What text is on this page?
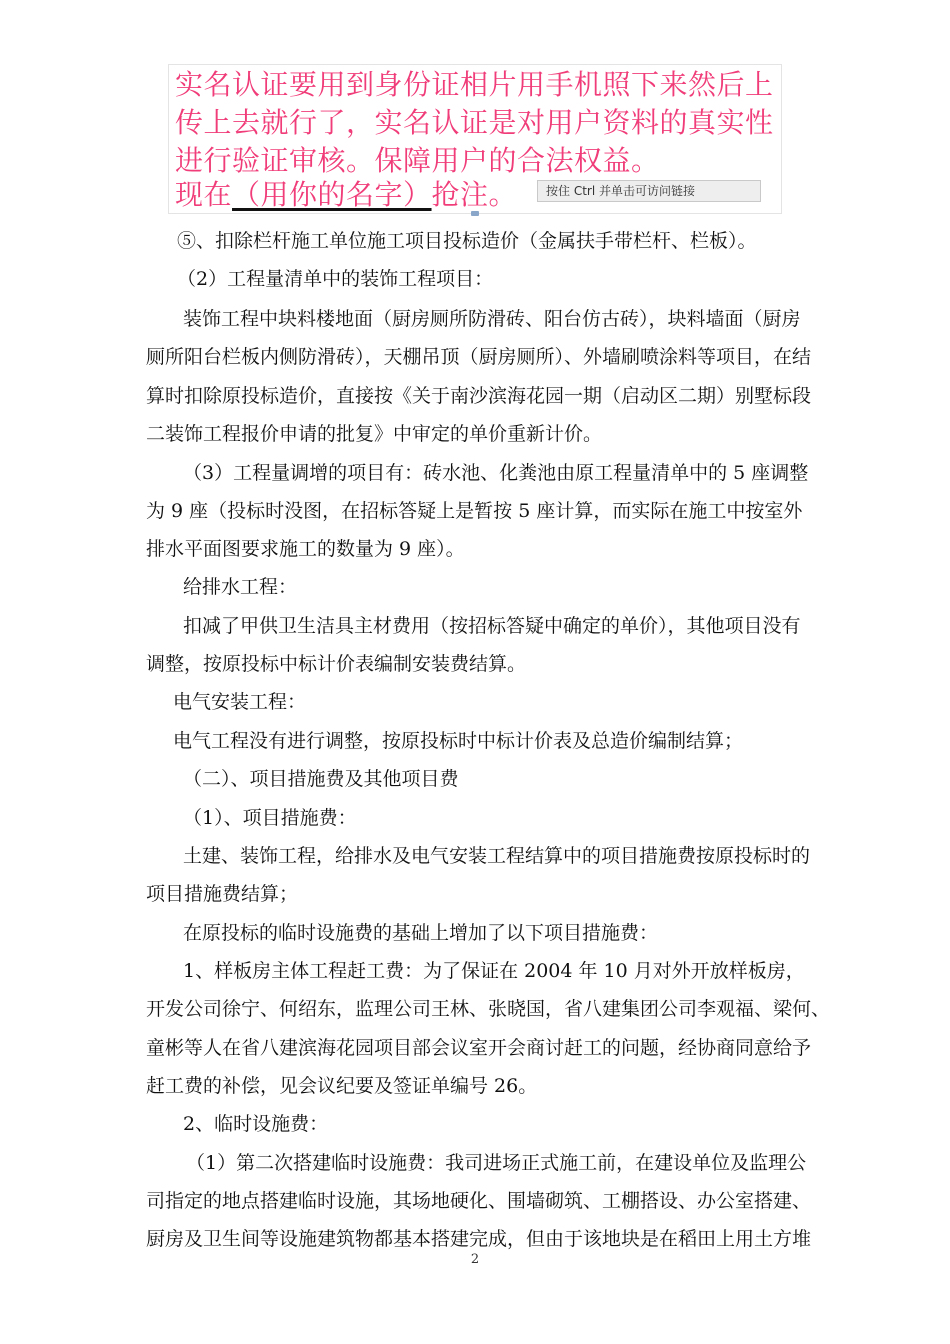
实名认证要用到身份证相片用手机照下来然后上
传上去就行了，实名认证是对用户资料的真实性
进行验证审核。保障用户的合法权益。
现在（用你的名字）抢注。	按住 Ctrl 并单击可访问链接
⑤、扣除栏杆施工单位施工项目投标造价（金属扶手带栏杆、栏板）。
（2）工程量清单中的装饰工程项目：
装饰工程中块料楼地面（厨房厕所防滑砖、阳台仿古砖），块料墙面（厨房
厕所阳台栏板内侧防滑砖），天棚吊顶（厨房厕所）、外墙刷喷涂料等项目，在结
算时扣除原投标造价，直接按《关于南沙滨海花园一期（启动区二期）别墅标段
二装饰工程报价申请的批复》中审定的单价重新计价。
（3）工程量调增的项目有：砖水池、化粪池由原工程量清单中的 5 座调整
为 9 座（投标时没图，在招标答疑上是暂按 5 座计算，而实际在施工中按室外
排水平面图要求施工的数量为 9 座）。
给排水工程：
扣减了甲供卫生洁具主材费用（按招标答疑中确定的单价），其他项目没有
调整，按原投标中标计价表编制安装费结算。
电气安装工程：
电气工程没有进行调整，按原投标时中标计价表及总造价编制结算；
（二）、项目措施费及其他项目费
（1）、项目措施费：
土建、装饰工程，给排水及电气安装工程结算中的项目措施费按原投标时的
项目措施费结算；
在原投标的临时设施费的基础上增加了以下项目措施费：
1、样板房主体工程赶工费：为了保证在 2004 年 10 月对外开放样板房，
开发公司徐宁、何绍东，监理公司王林、张晓国，省八建集团公司李观福、梁何、
童彬等人在省八建滨海花园项目部会议室开会商讨赶工的问题，经协商同意给予
赶工费的补偿，见会议纪要及签证单编号 26。
2、临时设施费：
（1）第二次搭建临时设施费：我司进场正式施工前，在建设单位及监理公
司指定的地点搭建临时设施，其场地硬化、围墙砌筑、工棚搭设、办公室搭建、
厨房及卫生间等设施建筑物都基本搭建完成，但由于该地块是在稻田上用土方堆
2
